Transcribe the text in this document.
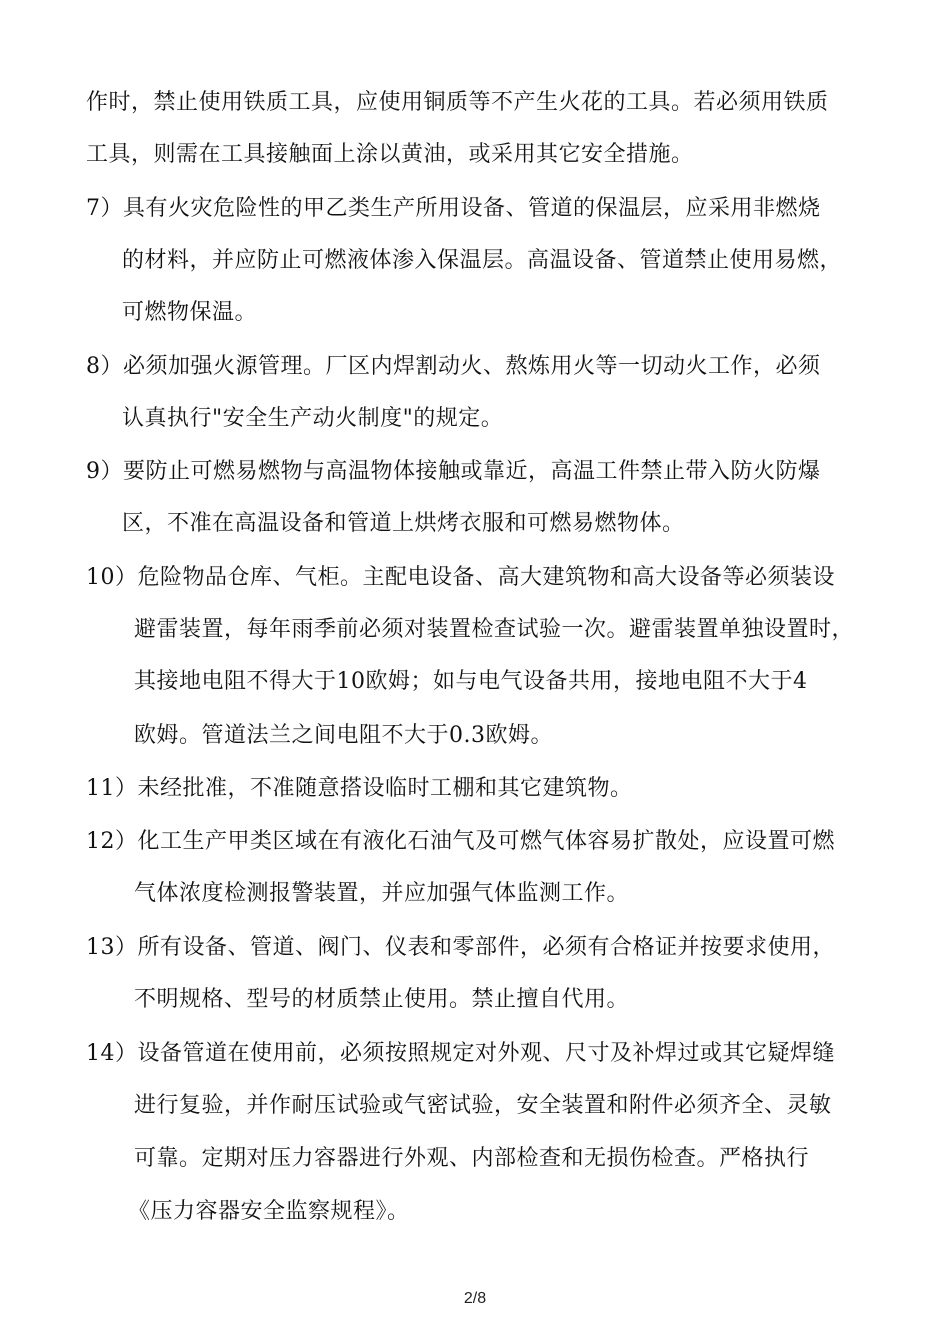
作时，禁止使用铁质工具，应使用铜质等不产生火花的工具。若必须用铁质
工具，则需在工具接触面上涂以黄油，或采用其它安全措施。
7）具有火灾危险性的甲乙类生产所用设备、管道的保温层，应采用非燃烧
的材料，并应防止可燃液体渗入保温层。高温设备、管道禁止使用易燃，
可燃物保温。
8）必须加强火源管理。厂区内焊割动火、熬炼用火等一切动火工作，必须
认真执行"安全生产动火制度"的规定。
9）要防止可燃易燃物与高温物体接触或靠近，高温工件禁止带入防火防爆
区，不准在高温设备和管道上烘烤衣服和可燃易燃物体。
10）危险物品仓库、气柜。主配电设备、高大建筑物和高大设备等必须装设
避雷装置，每年雨季前必须对装置检查试验一次。避雷装置单独设置时，
其接地电阻不得大于10欧姆；如与电气设备共用，接地电阻不大于4
欧姆。管道法兰之间电阻不大于0.3欧姆。
11）未经批准，不准随意搭设临时工棚和其它建筑物。
12）化工生产甲类区域在有液化石油气及可燃气体容易扩散处，应设置可燃
气体浓度检测报警装置，并应加强气体监测工作。
13）所有设备、管道、阀门、仪表和零部件，必须有合格证并按要求使用，
不明规格、型号的材质禁止使用。禁止擅自代用。
14）设备管道在使用前，必须按照规定对外观、尺寸及补焊过或其它疑焊缝
进行复验，并作耐压试验或气密试验，安全装置和附件必须齐全、灵敏
可靠。定期对压力容器进行外观、内部检查和无损伤检查。严格执行
《压力容器安全监察规程》。
2/8
